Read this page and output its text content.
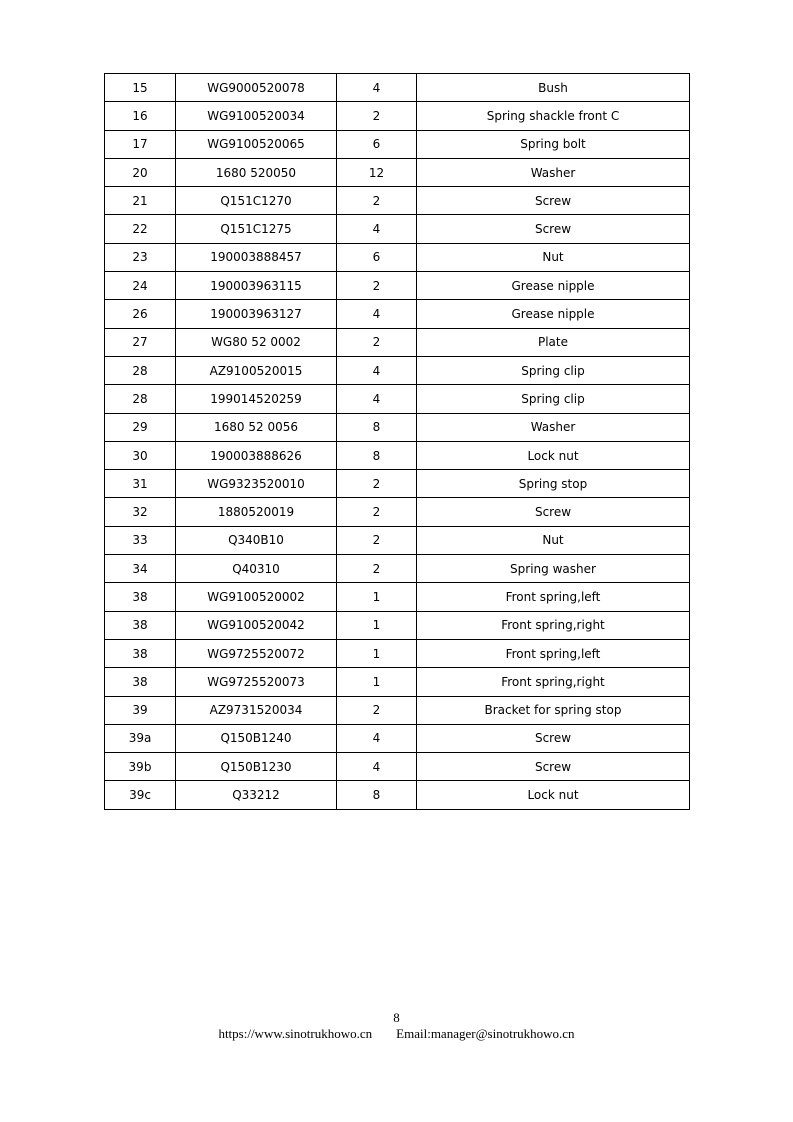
15	WG9000520078	4	Bush
16	WG9100520034	2	Spring shackle front C
17	WG9100520065	6	Spring bolt
20	1680 520050	12	Washer
21	Q151C1270	2	Screw
22	Q151C1275	4	Screw
23	190003888457	6	Nut
24	190003963115	2	Grease nipple
26	190003963127	4	Grease nipple
27	WG80 52 0002	2	Plate
28	AZ9100520015	4	Spring clip
28	199014520259	4	Spring clip
29	1680 52 0056	8	Washer
30	190003888626	8	Lock nut
31	WG9323520010	2	Spring stop
32	1880520019	2	Screw
33	Q340B10	2	Nut
34	Q40310	2	Spring washer
38	WG9100520002	1	Front spring,left
38	WG9100520042	1	Front spring,right
38	WG9725520072	1	Front spring,left
38	WG9725520073	1	Front spring,right
39	AZ9731520034	2	Bracket for spring stop
39a	Q150B1240	4	Screw
39b	Q150B1230	4	Screw
39c	Q33212	8	Lock nut
8
https://www.sinotrukhowo.cn Email:manager@sinotrukhowo.cn
